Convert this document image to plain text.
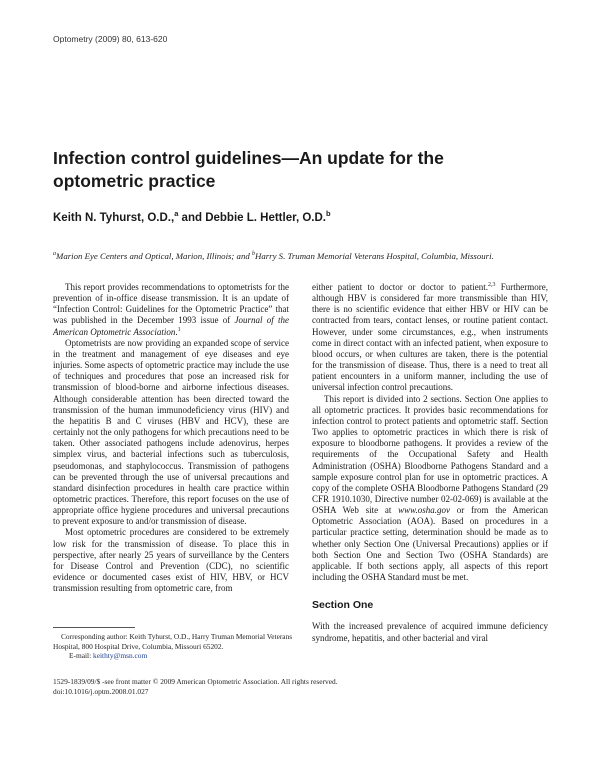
Optometry (2009) 80, 613-620
Infection control guidelines—An update for the optometric practice
Keith N. Tyhurst, O.D.,$^a$ and Debbie L. Hettler, O.D.$^b$
$^a$Marion Eye Centers and Optical, Marion, Illinois; and $^b$Harry S. Truman Memorial Veterans Hospital, Columbia, Missouri.

This report provides recommendations to optometrists for the prevention of in-office disease transmission. It is an update of “Infection Control: Guidelines for the Optometric Practice” that was published in the December 1993 issue of Journal of the American Optometric Association.$^1$

Optometrists are now providing an expanded scope of service in the treatment and management of eye diseases and eye injuries. Some aspects of optometric practice may include the use of techniques and procedures that pose an increased risk for transmission of blood-borne and airborne infectious diseases. Although considerable attention has been directed toward the transmission of the human immunodeficiency virus (HIV) and the hepatitis B and C viruses (HBV and HCV), these are certainly not the only pathogens for which precautions need to be taken. Other associated pathogens include adenovirus, herpes simplex virus, and bacterial infections such as tuberculosis, pseudomonas, and staphylococcus. Transmission of pathogens can be prevented through the use of universal precautions and standard disinfection procedures in health care practice within optometric practices. Therefore, this report focuses on the use of appropriate office hygiene procedures and universal precautions to prevent exposure to and/or transmission of disease.

Most optometric procedures are considered to be extremely low risk for the transmission of disease. To place this in perspective, after nearly 25 years of surveillance by the Centers for Disease Control and Prevention (CDC), no scientific evidence or documented cases exist of HIV, HBV, or HCV transmission resulting from optometric care, from

either patient to doctor or doctor to patient.$^{2,3}$ Furthermore, although HBV is considered far more transmissible than HIV, there is no scientific evidence that either HBV or HIV can be contracted from tears, contact lenses, or routine patient contact. However, under some circumstances, e.g., when instruments come in direct contact with an infected patient, when exposure to blood occurs, or when cultures are taken, there is the potential for the transmission of disease. Thus, there is a need to treat all patient encounters in a uniform manner, including the use of universal infection control precautions.

This report is divided into 2 sections. Section One applies to all optometric practices. It provides basic recommendations for infection control to protect patients and optometric staff. Section Two applies to optometric practices in which there is risk of exposure to bloodborne pathogens. It provides a review of the requirements of the Occupational Safety and Health Administration (OSHA) Bloodborne Pathogens Standard and a sample exposure control plan for use in optometric practices. A copy of the complete OSHA Bloodborne Pathogens Standard (29 CFR 1910.1030, Directive number 02-02-069) is available at the OSHA Web site at www.osha.gov or from the American Optometric Association (AOA). Based on procedures in a particular practice setting, determination should be made as to whether only Section One (Universal Precautions) applies or if both Section One and Section Two (OSHA Standards) are applicable. If both sections apply, all aspects of this report including the OSHA Standard must be met.

Section One

With the increased prevalence of acquired immune deficiency syndrome, hepatitis, and other bacterial and viral

Corresponding author: Keith Tyhurst, O.D., Harry Truman Memorial Veterans Hospital, 800 Hospital Drive, Columbia, Missouri 65202.
E-mail: keithty@msn.com
1529-1839/09/$ -see front matter © 2009 American Optometric Association. All rights reserved.
doi:10.1016/j.optm.2008.01.027
